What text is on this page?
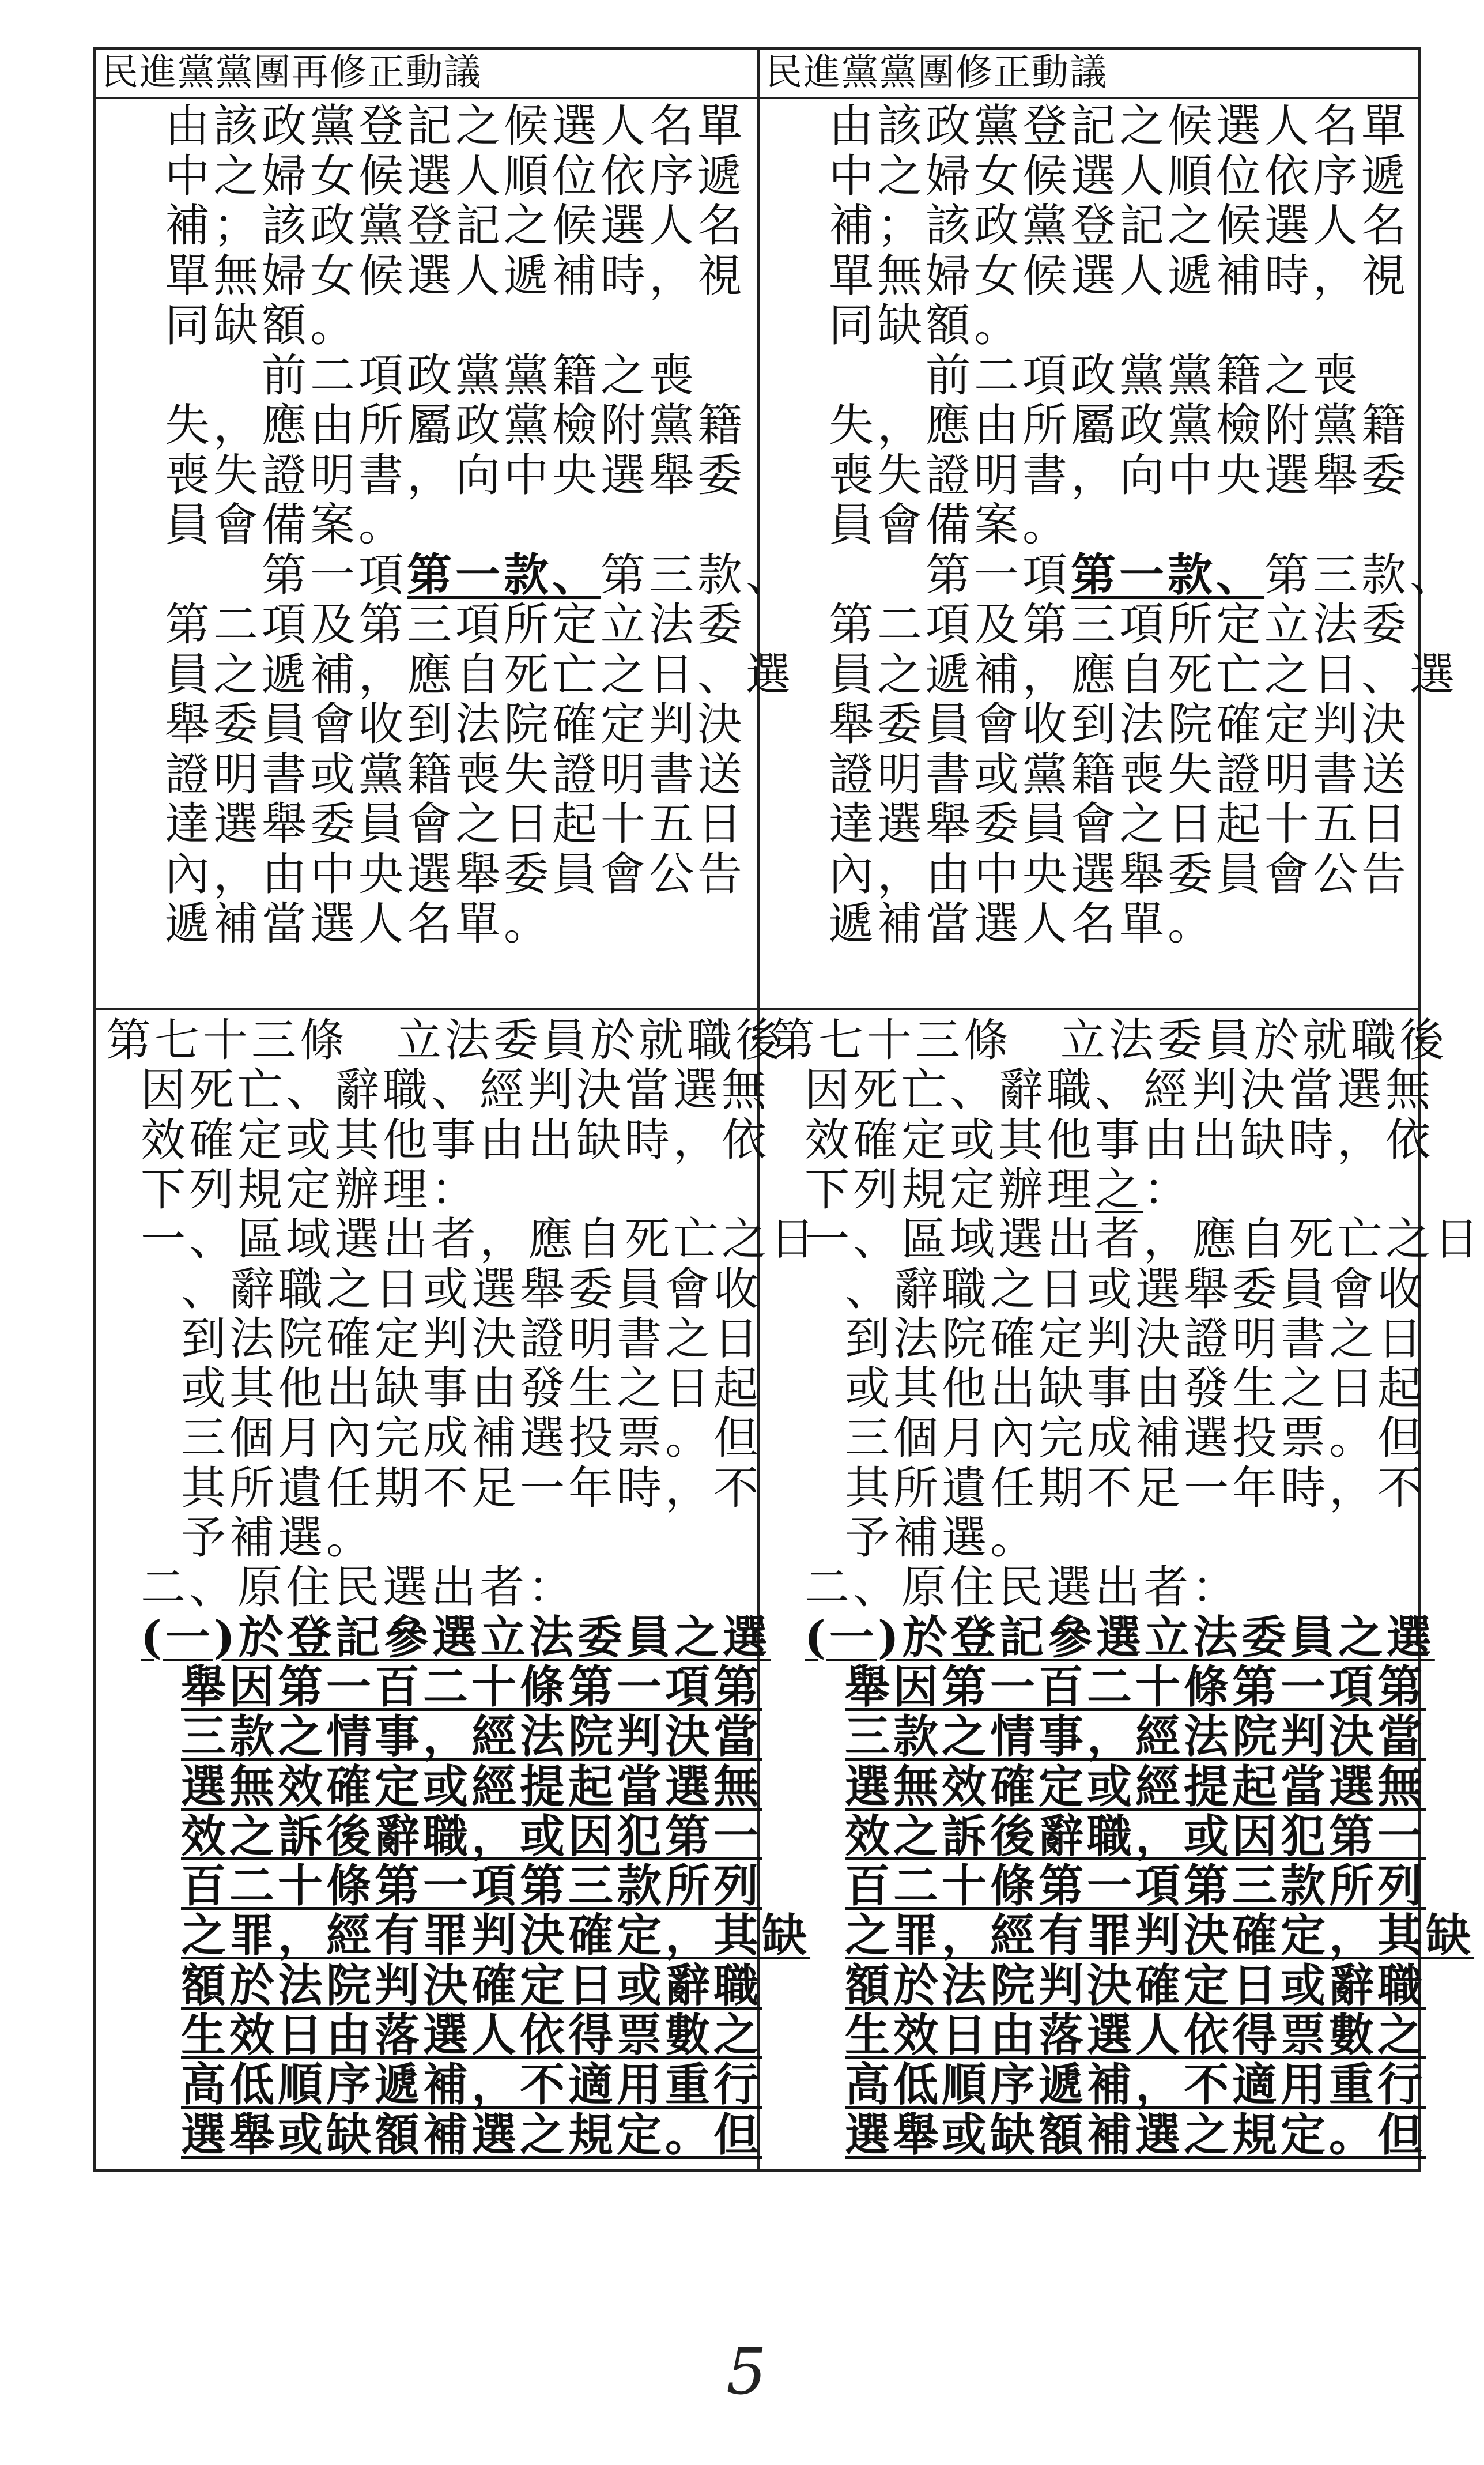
民進黨黨團再修正動議	民進黨黨團修正動議
由該政黨登記之候選人名單
中之婦女候選人順位依序遞
補；該政黨登記之候選人名
單無婦女候選人遞補時，視
同缺額。
　　前二項政黨黨籍之喪
失，應由所屬政黨檢附黨籍
喪失證明書，向中央選舉委
員會備案。
　　第一項第一款、第三款、
第二項及第三項所定立法委
員之遞補，應自死亡之日、選
舉委員會收到法院確定判決
證明書或黨籍喪失證明書送
達選舉委員會之日起十五日
內，由中央選舉委員會公告
遞補當選人名單。
由該政黨登記之候選人名單
中之婦女候選人順位依序遞
補；該政黨登記之候選人名
單無婦女候選人遞補時，視
同缺額。
　　前二項政黨黨籍之喪
失，應由所屬政黨檢附黨籍
喪失證明書，向中央選舉委
員會備案。
　　第一項第一款、第三款、
第二項及第三項所定立法委
員之遞補，應自死亡之日、選
舉委員會收到法院確定判決
證明書或黨籍喪失證明書送
達選舉委員會之日起十五日
內，由中央選舉委員會公告
遞補當選人名單。
第七十三條　立法委員於就職後
因死亡、辭職、經判決當選無
效確定或其他事由出缺時，依
下列規定辦理：
一、區域選出者，應自死亡之日
、辭職之日或選舉委員會收
到法院確定判決證明書之日
或其他出缺事由發生之日起
三個月內完成補選投票。但
其所遺任期不足一年時，不
予補選。
二、原住民選出者：
(一)於登記參選立法委員之選
舉因第一百二十條第一項第
三款之情事，經法院判決當
選無效確定或經提起當選無
效之訴後辭職，或因犯第一
百二十條第一項第三款所列
之罪，經有罪判決確定，其缺
額於法院判決確定日或辭職
生效日由落選人依得票數之
高低順序遞補，不適用重行
選舉或缺額補選之規定。但
第七十三條　立法委員於就職後
因死亡、辭職、經判決當選無
效確定或其他事由出缺時，依
下列規定辦理之：
一、區域選出者，應自死亡之日
、辭職之日或選舉委員會收
到法院確定判決證明書之日
或其他出缺事由發生之日起
三個月內完成補選投票。但
其所遺任期不足一年時，不
予補選。
二、原住民選出者：
(一)於登記參選立法委員之選
舉因第一百二十條第一項第
三款之情事，經法院判決當
選無效確定或經提起當選無
效之訴後辭職，或因犯第一
百二十條第一項第三款所列
之罪，經有罪判決確定，其缺
額於法院判決確定日或辭職
生效日由落選人依得票數之
高低順序遞補，不適用重行
選舉或缺額補選之規定。但
5
